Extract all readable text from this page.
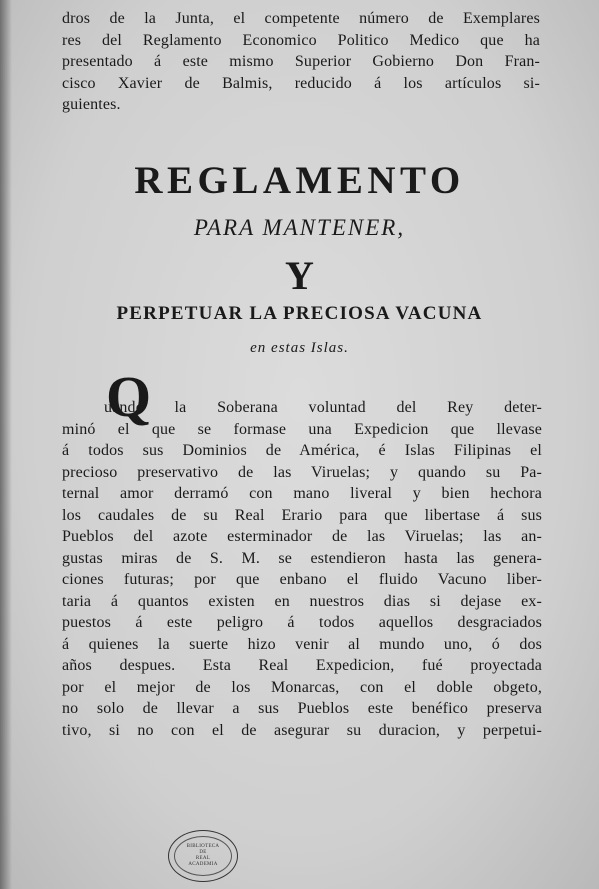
dros de la Junta, el competente número de Exemplares
res del Reglamento Economico Politico Medico que ha
presentado á este mismo Superior Gobierno Don Fran-
cisco Xavier de Balmis, reducido á los artículos si-
guientes.
REGLAMENTO
PARA MANTENER,
Y
PERPETUAR LA PRECIOSA VACUNA
en estas Islas.
Q
uando la Soberana voluntad del Rey deter-
minó el que se formase una Expedicion que llevase
á todos sus Dominios de América, é Islas Filipinas el
precioso preservativo de las Viruelas; y quando su Pa-
ternal amor derramó con mano liveral y bien hechora
los caudales de su Real Erario para que libertase á sus
Pueblos del azote esterminador de las Viruelas; las an-
gustas miras de S. M. se estendieron hasta las genera-
ciones futuras; por que enbano el fluido Vacuno liber-
taria á quantos existen en nuestros dias si dejase ex-
puestos á este peligro á todos aquellos desgraciados
á quienes la suerte hizo venir al mundo uno, ó dos
años despues. Esta Real Expedicion, fué proyectada
por el mejor de los Monarcas, con el doble obgeto,
no solo de llevar a sus Pueblos este benéfico preserva
tivo, si no con el de asegurar su duracion, y perpetui-
BIBLIOTECA
DE
REAL
ACADEMIA
